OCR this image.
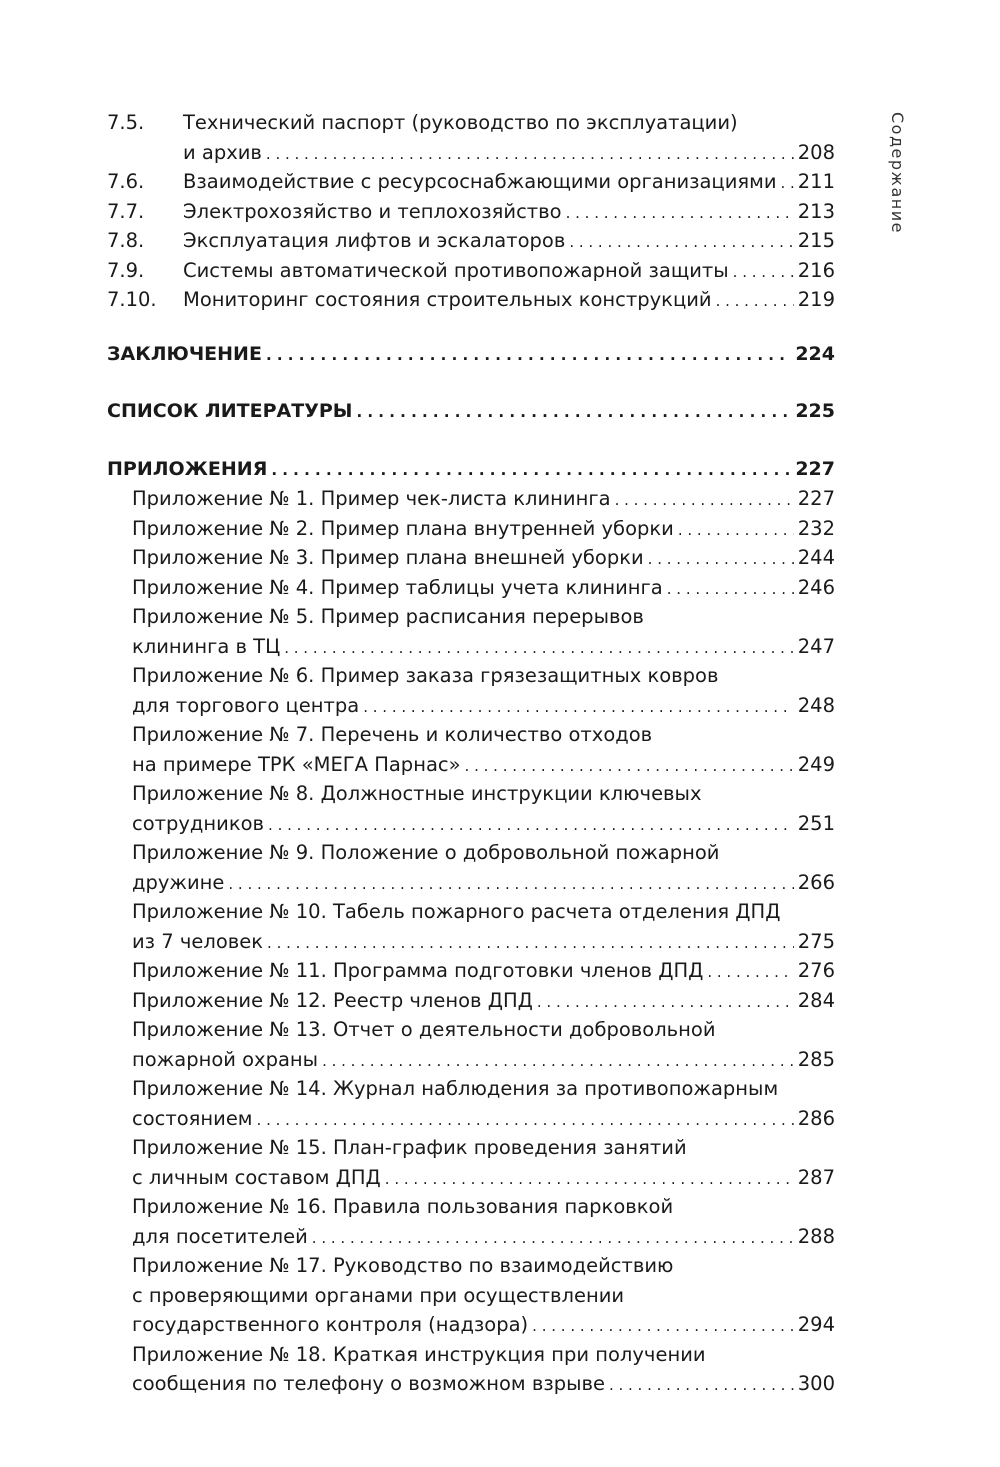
Содержание
7.5.	Технический паспорт (руководство по эксплуатации)
и архив . . .	208
7.6.	Взаимодействие с ресурсоснабжающими организациями . . . 211
7.7.	Электрохозяйство и теплохозяйство . . .	213
7.8.	Эксплуатация лифтов и эскалаторов . . .	215
7.9.	Системы автоматической противопожарной защиты . . .	216
7.10.	Мониторинг состояния строительных конструкций . . .	219
ЗАКЛЮЧЕНИЕ . . .	224
СПИСОК ЛИТЕРАТУРЫ . . .	225
ПРИЛОЖЕНИЯ . . .	227
Приложение № 1. Пример чек-листа клининга . . .	227
Приложение № 2. Пример плана внутренней уборки . . .	232
Приложение № 3. Пример плана внешней уборки . . .	244
Приложение № 4. Пример таблицы учета клининга . . .	246
Приложение № 5. Пример расписания перерывов
клининга в ТЦ . . .	247
Приложение № 6. Пример заказа грязезащитных ковров
для торгового центра . . .	248
Приложение № 7. Перечень и количество отходов
на примере ТРК «МЕГА Парнас» . . .	249
Приложение № 8. Должностные инструкции ключевых
сотрудников . . .	251
Приложение № 9. Положение о добровольной пожарной
дружине . . .	266
Приложение № 10. Табель пожарного расчета отделения ДПД
из 7 человек . . .	275
Приложение № 11. Программа подготовки членов ДПД . . .	276
Приложение № 12. Реестр членов ДПД . . .	284
Приложение № 13. Отчет о деятельности добровольной
пожарной охраны . . .	285
Приложение № 14. Журнал наблюдения за противопожарным
состоянием . . .	286
Приложение № 15. План-график проведения занятий
с личным составом ДПД . . .	287
Приложение № 16. Правила пользования парковкой
для посетителей . . .	288
Приложение № 17. Руководство по взаимодействию
с проверяющими органами при осуществлении
государственного контроля (надзора) . . .	294
Приложение № 18. Краткая инструкция при получении
сообщения по телефону о возможном взрыве . . .	300
